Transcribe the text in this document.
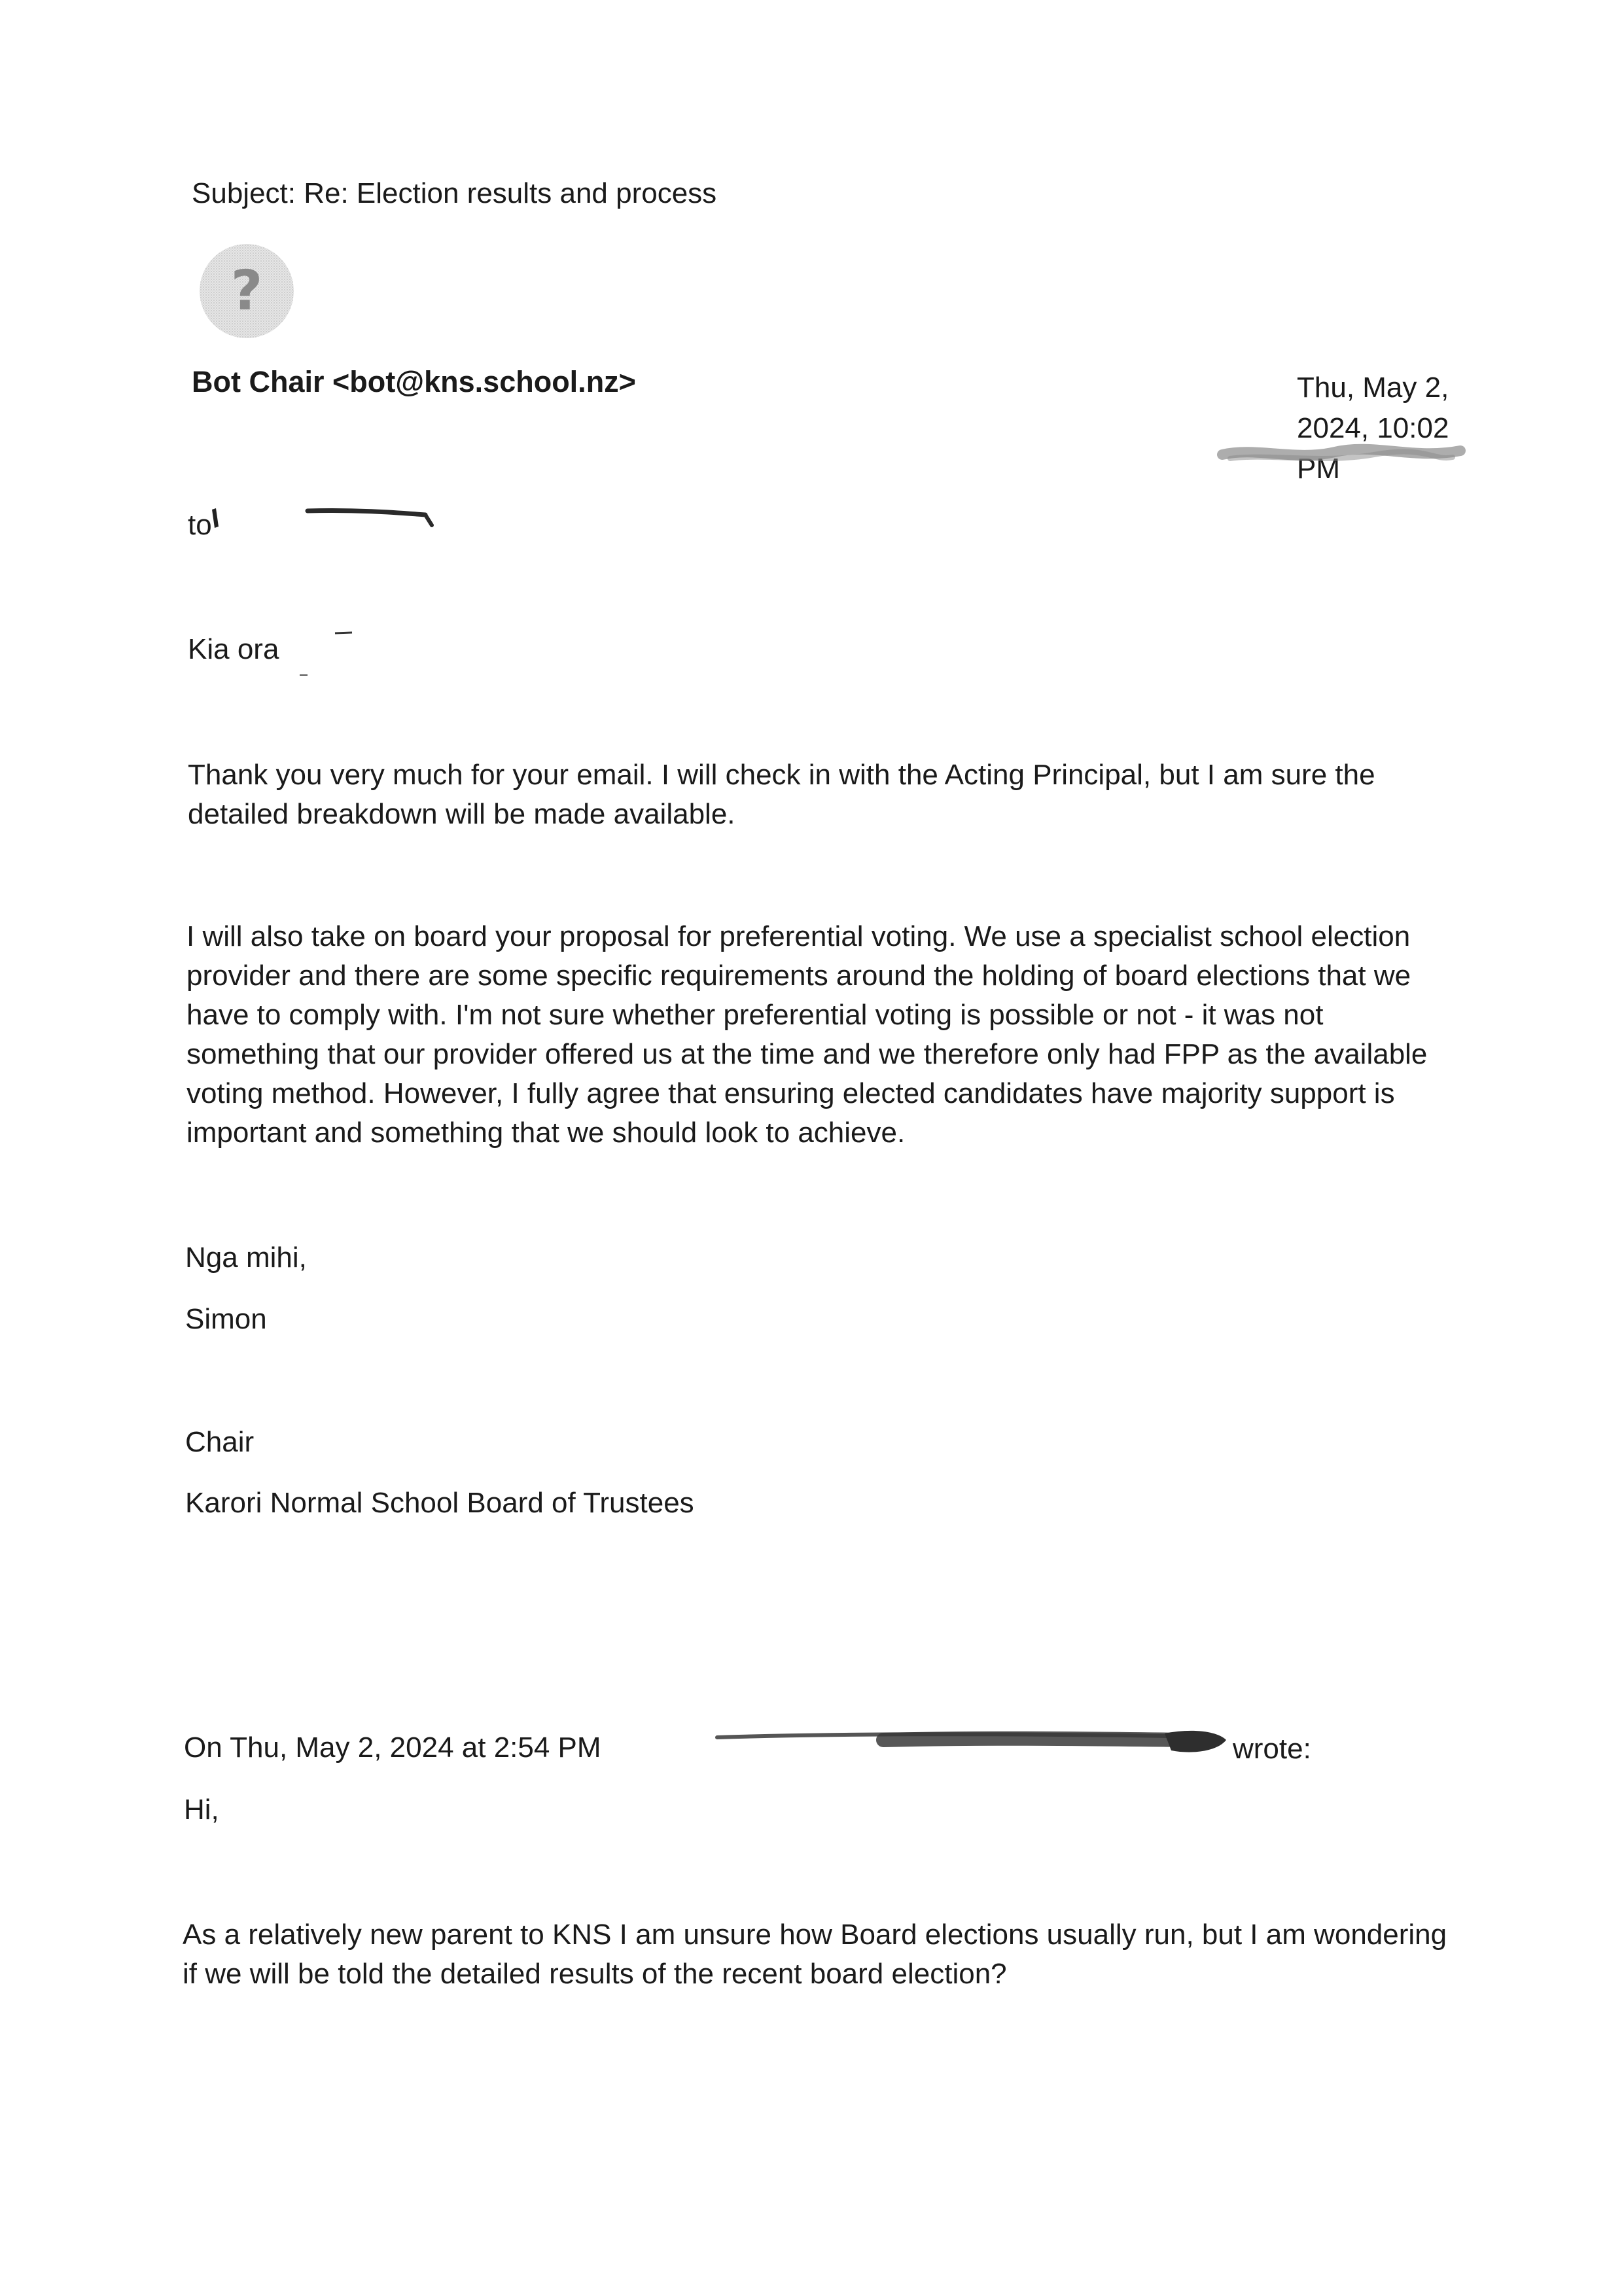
Subject: Re: Election results and process
?
Bot Chair <bot@kns.school.nz>	Thu, May 2, 2024, 10:02 PM
to
Kia ora
Thank you very much for your email. I will check in with the Acting Principal, but I am sure the detailed breakdown will be made available.
I will also take on board your proposal for preferential voting. We use a specialist school election provider and there are some specific requirements around the holding of board elections that we have to comply with. I'm not sure whether preferential voting is possible or not - it was not something that our provider offered us at the time and we therefore only had FPP as the available voting method. However, I fully agree that ensuring elected candidates have majority support is important and something that we should look to achieve.
Nga mihi,
Simon
Chair
Karori Normal School Board of Trustees
On Thu, May 2, 2024 at 2:54 PM	wrote:
Hi,
As a relatively new parent to KNS I am unsure how Board elections usually run, but I am wondering if we will be told the detailed results of the recent board election?
